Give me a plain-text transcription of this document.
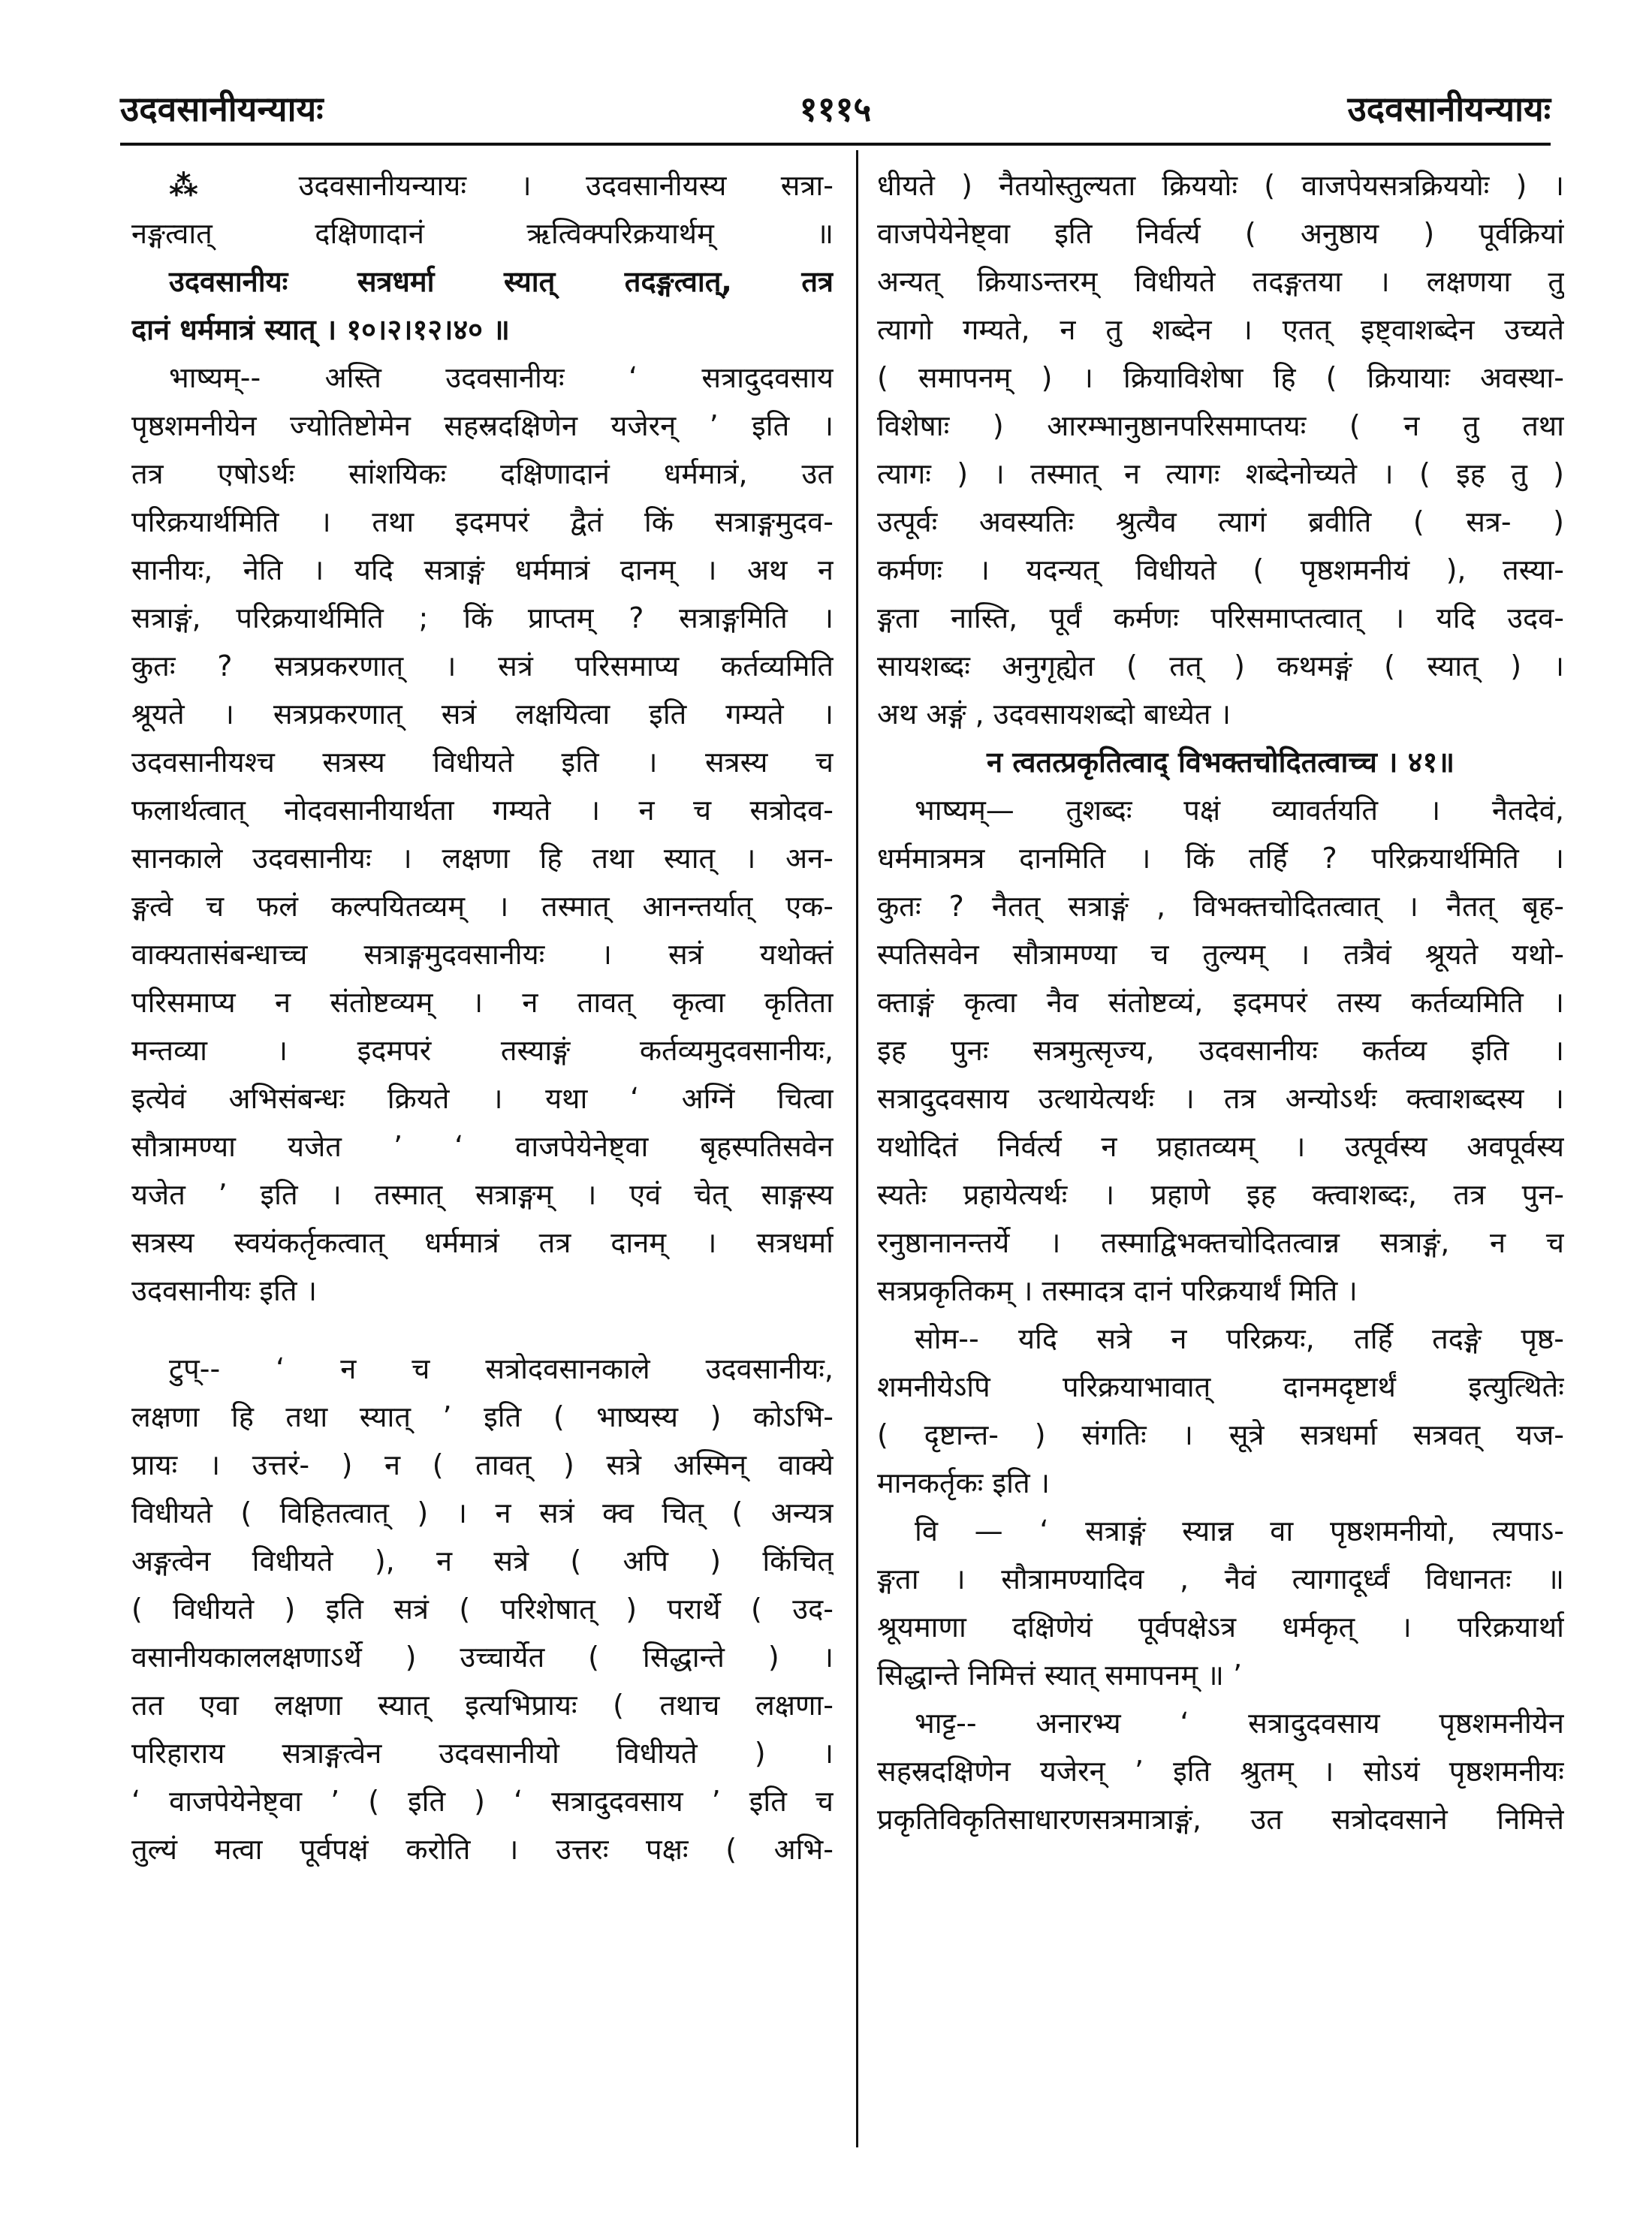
उदवसानीयन्यायः	१११५	उदवसानीयन्यायः
⁂ उदवसानीयन्यायः । उदवसानीयस्य सत्रा-
नङ्गत्वात् दक्षिणादानं ऋत्विक्परिक्रयार्थम् ॥
उदवसानीयः सत्रधर्मा स्यात् तदङ्गत्वात्, तत्र
दानं धर्ममात्रं स्यात् । १०।२।१२।४० ॥
भाष्यम्-- अस्ति उदवसानीयः ‘ सत्रादुदवसाय
पृष्ठशमनीयेन ज्योतिष्टोमेन सहस्रदक्षिणेन यजेरन् ’ इति ।
तत्र एषोऽर्थः सांशयिकः दक्षिणादानं धर्ममात्रं, उत
परिक्रयार्थमिति । तथा इदमपरं द्वैतं किं सत्राङ्गमुदव-
सानीयः, नेति । यदि सत्राङ्गं धर्ममात्रं दानम् । अथ न
सत्राङ्गं, परिक्रयार्थमिति ; किं प्राप्तम् ? सत्राङ्गमिति ।
कुतः ? सत्रप्रकरणात् । सत्रं परिसमाप्य कर्तव्यमिति
श्रूयते । सत्रप्रकरणात् सत्रं लक्षयित्वा इति गम्यते ।
उदवसानीयश्च सत्रस्य विधीयते इति । सत्रस्य च
फलार्थत्वात् नोदवसानीयार्थता गम्यते । न च सत्रोदव-
सानकाले उदवसानीयः । लक्षणा हि तथा स्यात् । अन-
ङ्गत्वे च फलं कल्पयितव्यम् । तस्मात् आनन्तर्यात् एक-
वाक्यतासंबन्धाच्च सत्राङ्गमुदवसानीयः । सत्रं यथोक्तं
परिसमाप्य न संतोष्टव्यम् । न तावत् कृत्वा कृतिता
मन्तव्या । इदमपरं तस्याङ्गं कर्तव्यमुदवसानीयः,
इत्येवं अभिसंबन्धः क्रियते । यथा ‘ अग्निं चित्वा
सौत्रामण्या यजेत ’ ‘ वाजपेयेनेष्ट्वा बृहस्पतिसवेन
यजेत ’ इति । तस्मात् सत्राङ्गम् । एवं चेत् साङ्गस्य
सत्रस्य स्वयंकर्तृकत्वात् धर्ममात्रं तत्र दानम् । सत्रधर्मा
उदवसानीयः इति ।
टुप्-- ‘ न च सत्रोदवसानकाले उदवसानीयः,
लक्षणा हि तथा स्यात् ’ इति ( भाष्यस्य ) कोऽभि-
प्रायः । उत्तरं- ) न ( तावत् ) सत्रे अस्मिन् वाक्ये
विधीयते ( विहितत्वात् ) । न सत्रं क्व चित् ( अन्यत्र
अङ्गत्वेन विधीयते ), न सत्रे ( अपि ) किंचित्
( विधीयते ) इति सत्रं ( परिशेषात् ) परार्थे ( उद-
वसानीयकाललक्षणाऽर्थे ) उच्चार्येत ( सिद्धान्ते ) ।
तत एवा लक्षणा स्यात् इत्यभिप्रायः ( तथाच लक्षणा-
परिहाराय सत्राङ्गत्वेन उदवसानीयो विधीयते ) ।
‘ वाजपेयेनेष्ट्वा ’ ( इति ) ‘ सत्रादुदवसाय ’ इति च
तुल्यं मत्वा पूर्वपक्षं करोति । उत्तरः पक्षः ( अभि-
धीयते ) नैतयोस्तुल्यता क्रिययोः ( वाजपेयसत्रक्रिययोः ) ।
वाजपेयेनेष्ट्वा इति निर्वर्त्य ( अनुष्ठाय ) पूर्वक्रियां
अन्यत् क्रियाऽन्तरम् विधीयते तदङ्गतया । लक्षणया तु
त्यागो गम्यते, न तु शब्देन । एतत् इष्ट्वाशब्देन उच्यते
( समापनम् ) । क्रियाविशेषा हि ( क्रियायाः अवस्था-
विशेषाः ) आरम्भानुष्ठानपरिसमाप्तयः ( न तु तथा
त्यागः ) । तस्मात् न त्यागः शब्देनोच्यते । ( इह तु )
उत्पूर्वः अवस्यतिः श्रुत्यैव त्यागं ब्रवीति ( सत्र- )
कर्मणः । यदन्यत् विधीयते ( पृष्ठशमनीयं ), तस्या-
ङ्गता नास्ति, पूर्वं कर्मणः परिसमाप्तत्वात् । यदि उदव-
सायशब्दः अनुगृह्येत ( तत् ) कथमङ्गं ( स्यात् ) ।
अथ अङ्गं , उदवसायशब्दो बाध्येत ।
न त्वतत्प्रकृतित्वाद् विभक्तचोदितत्वाच्च । ४१॥
भाष्यम्— तुशब्दः पक्षं व्यावर्तयति । नैतदेवं,
धर्ममात्रमत्र दानमिति । किं तर्हि ? परिक्रयार्थमिति ।
कुतः ? नैतत् सत्राङ्गं , विभक्तचोदितत्वात् । नैतत् बृह-
स्पतिसवेन सौत्रामण्या च तुल्यम् । तत्रैवं श्रूयते यथो-
क्ताङ्गं कृत्वा नैव संतोष्टव्यं, इदमपरं तस्य कर्तव्यमिति ।
इह पुनः सत्रमुत्सृज्य, उदवसानीयः कर्तव्य इति ।
सत्रादुदवसाय उत्थायेत्यर्थः । तत्र अन्योऽर्थः क्त्वाशब्दस्य ।
यथोदितं निर्वर्त्य न प्रहातव्यम् । उत्पूर्वस्य अवपूर्वस्य
स्यतेः प्रहायेत्यर्थः । प्रहाणे इह क्त्वाशब्दः, तत्र पुन-
रनुष्ठानानन्तर्ये । तस्माद्विभक्तचोदितत्वान्न सत्राङ्गं, न च
सत्रप्रकृतिकम् । तस्मादत्र दानं परिक्रयार्थं मिति ।
सोम-- यदि सत्रे न परिक्रयः, तर्हि तदङ्गे पृष्ठ-
शमनीयेऽपि परिक्रयाभावात् दानमदृष्टार्थं इत्युत्थितेः
( दृष्टान्त- ) संगतिः । सूत्रे सत्रधर्मा सत्रवत् यज-
मानकर्तृकः इति ।
वि — ‘ सत्राङ्गं स्यान्न वा पृष्ठशमनीयो, त्यपाऽ-
ङ्गता । सौत्रामण्यादिव , नैवं त्यागादूर्ध्वं विधानतः ॥
श्रूयमाणा दक्षिणेयं पूर्वपक्षेऽत्र धर्मकृत् । परिक्रयार्था
सिद्धान्ते निमित्तं स्यात् समापनम् ॥ ’
भाट्ट-- अनारभ्य ‘ सत्रादुदवसाय पृष्ठशमनीयेन
सहस्रदक्षिणेन यजेरन् ’ इति श्रुतम् । सोऽयं पृष्ठशमनीयः
प्रकृतिविकृतिसाधारणसत्रमात्राङ्गं, उत सत्रोदवसाने निमित्ते
